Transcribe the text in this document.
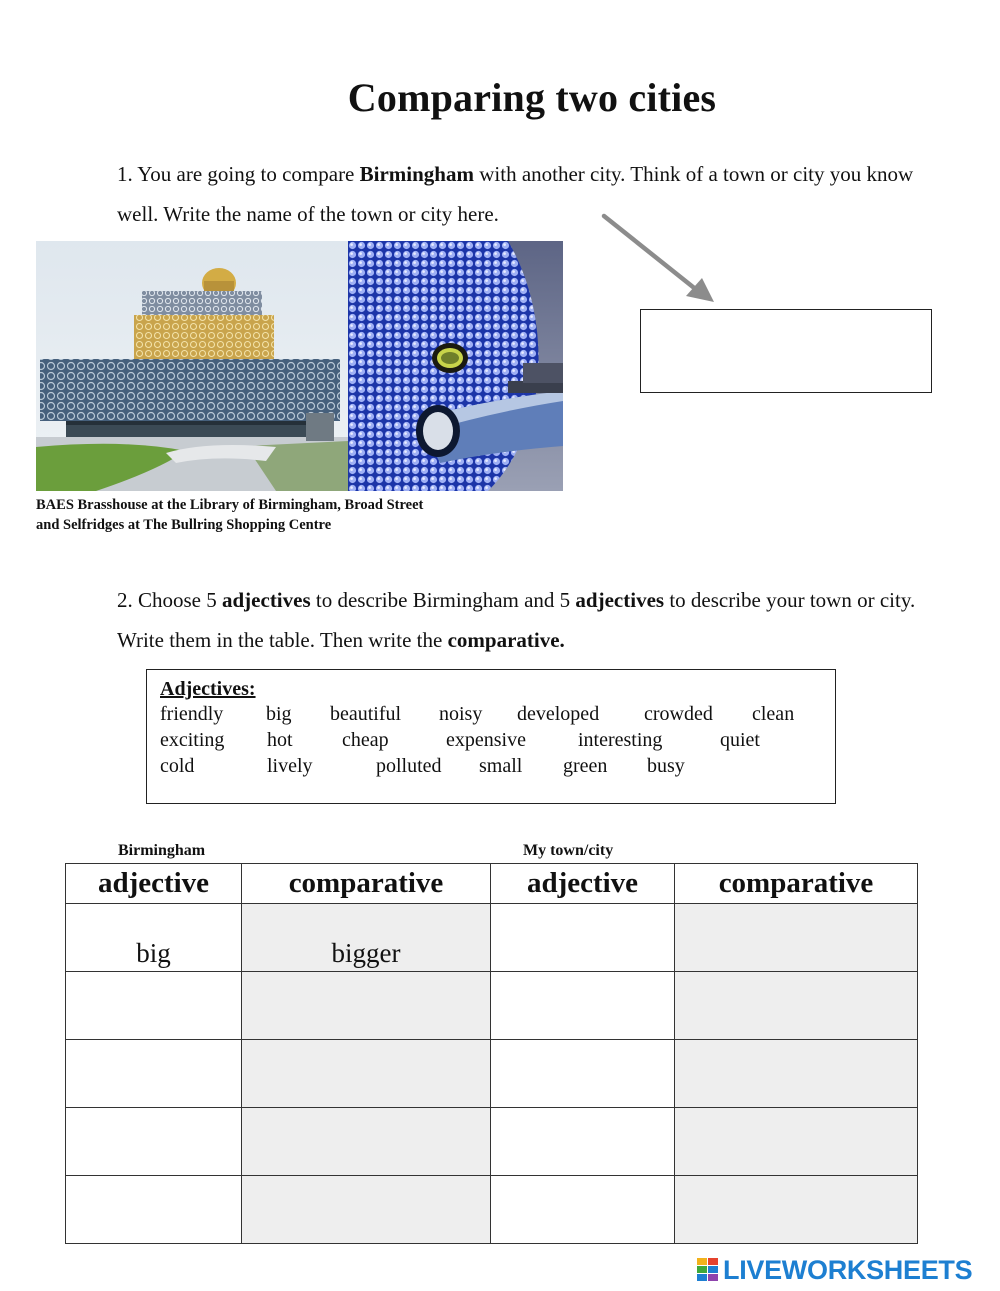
Comparing two cities
1. You are going to compare Birmingham with another city. Think of a town or city you know well. Write the name of the town or city here.
BAES Brasshouse at the Library of Birmingham, Broad Street
and Selfridges at The Bullring Shopping Centre
2. Choose 5 adjectives to describe Birmingham and 5 adjectives to describe your town or city. Write them in the table. Then write the comparative.
Adjectives:
friendly big beautiful noisy developed crowded clean
exciting hot cheap	expensive	interesting	quiet
cold	lively	polluted small green busy
Birmingham	My town/city
adjective	comparative	adjective	comparative
big	bigger		

LIVEWORKSHEETS
